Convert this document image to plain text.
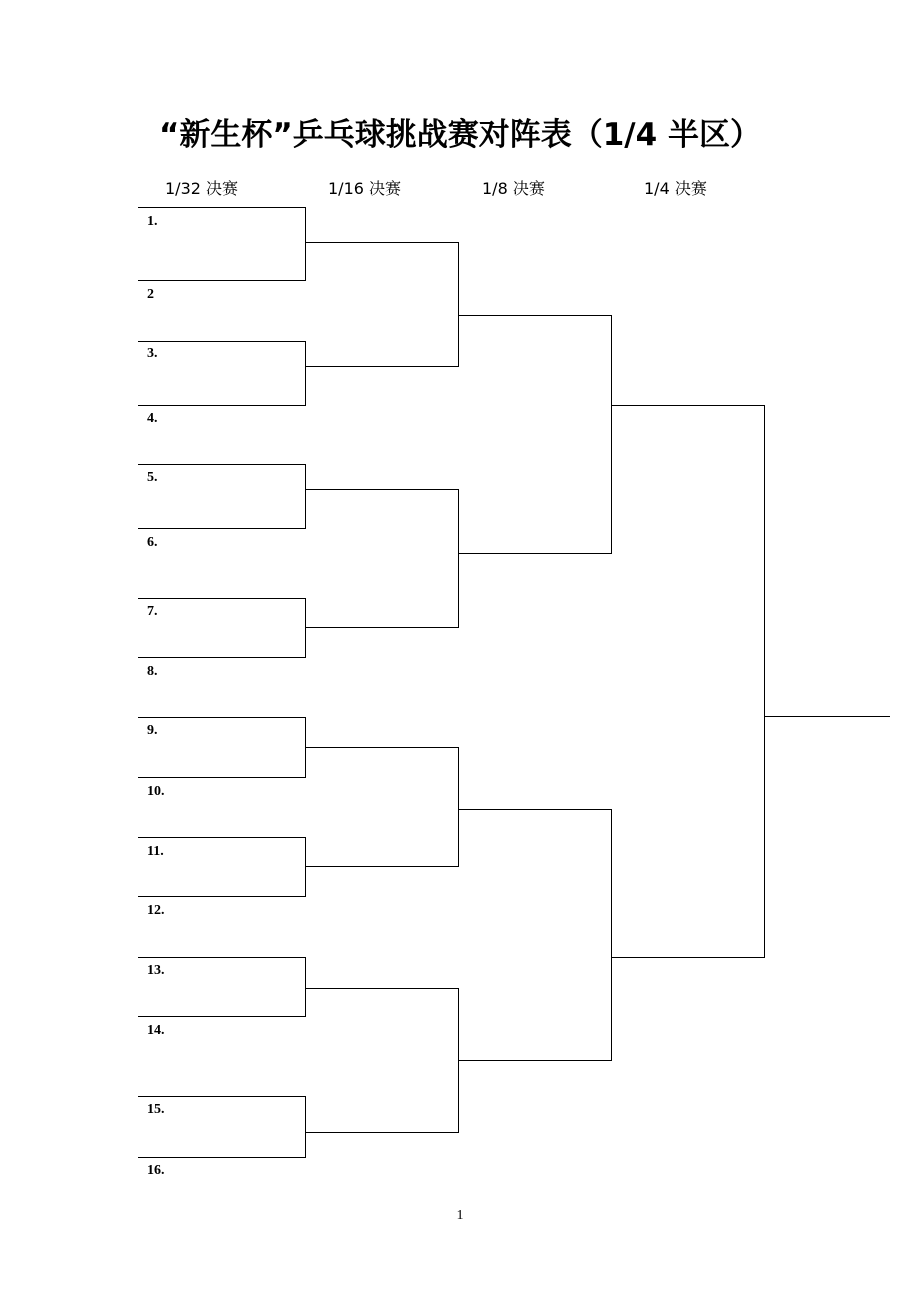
“新生杯”乒乓球挑战赛对阵表（1/4 半区）
1/32 决赛	1/16 决赛	1/8 决赛	1/4 决赛
1.
2
3.
4.
5.
6.
7.
8.
9.
10.
11.
12.
13.
14.
15.
16.
1
